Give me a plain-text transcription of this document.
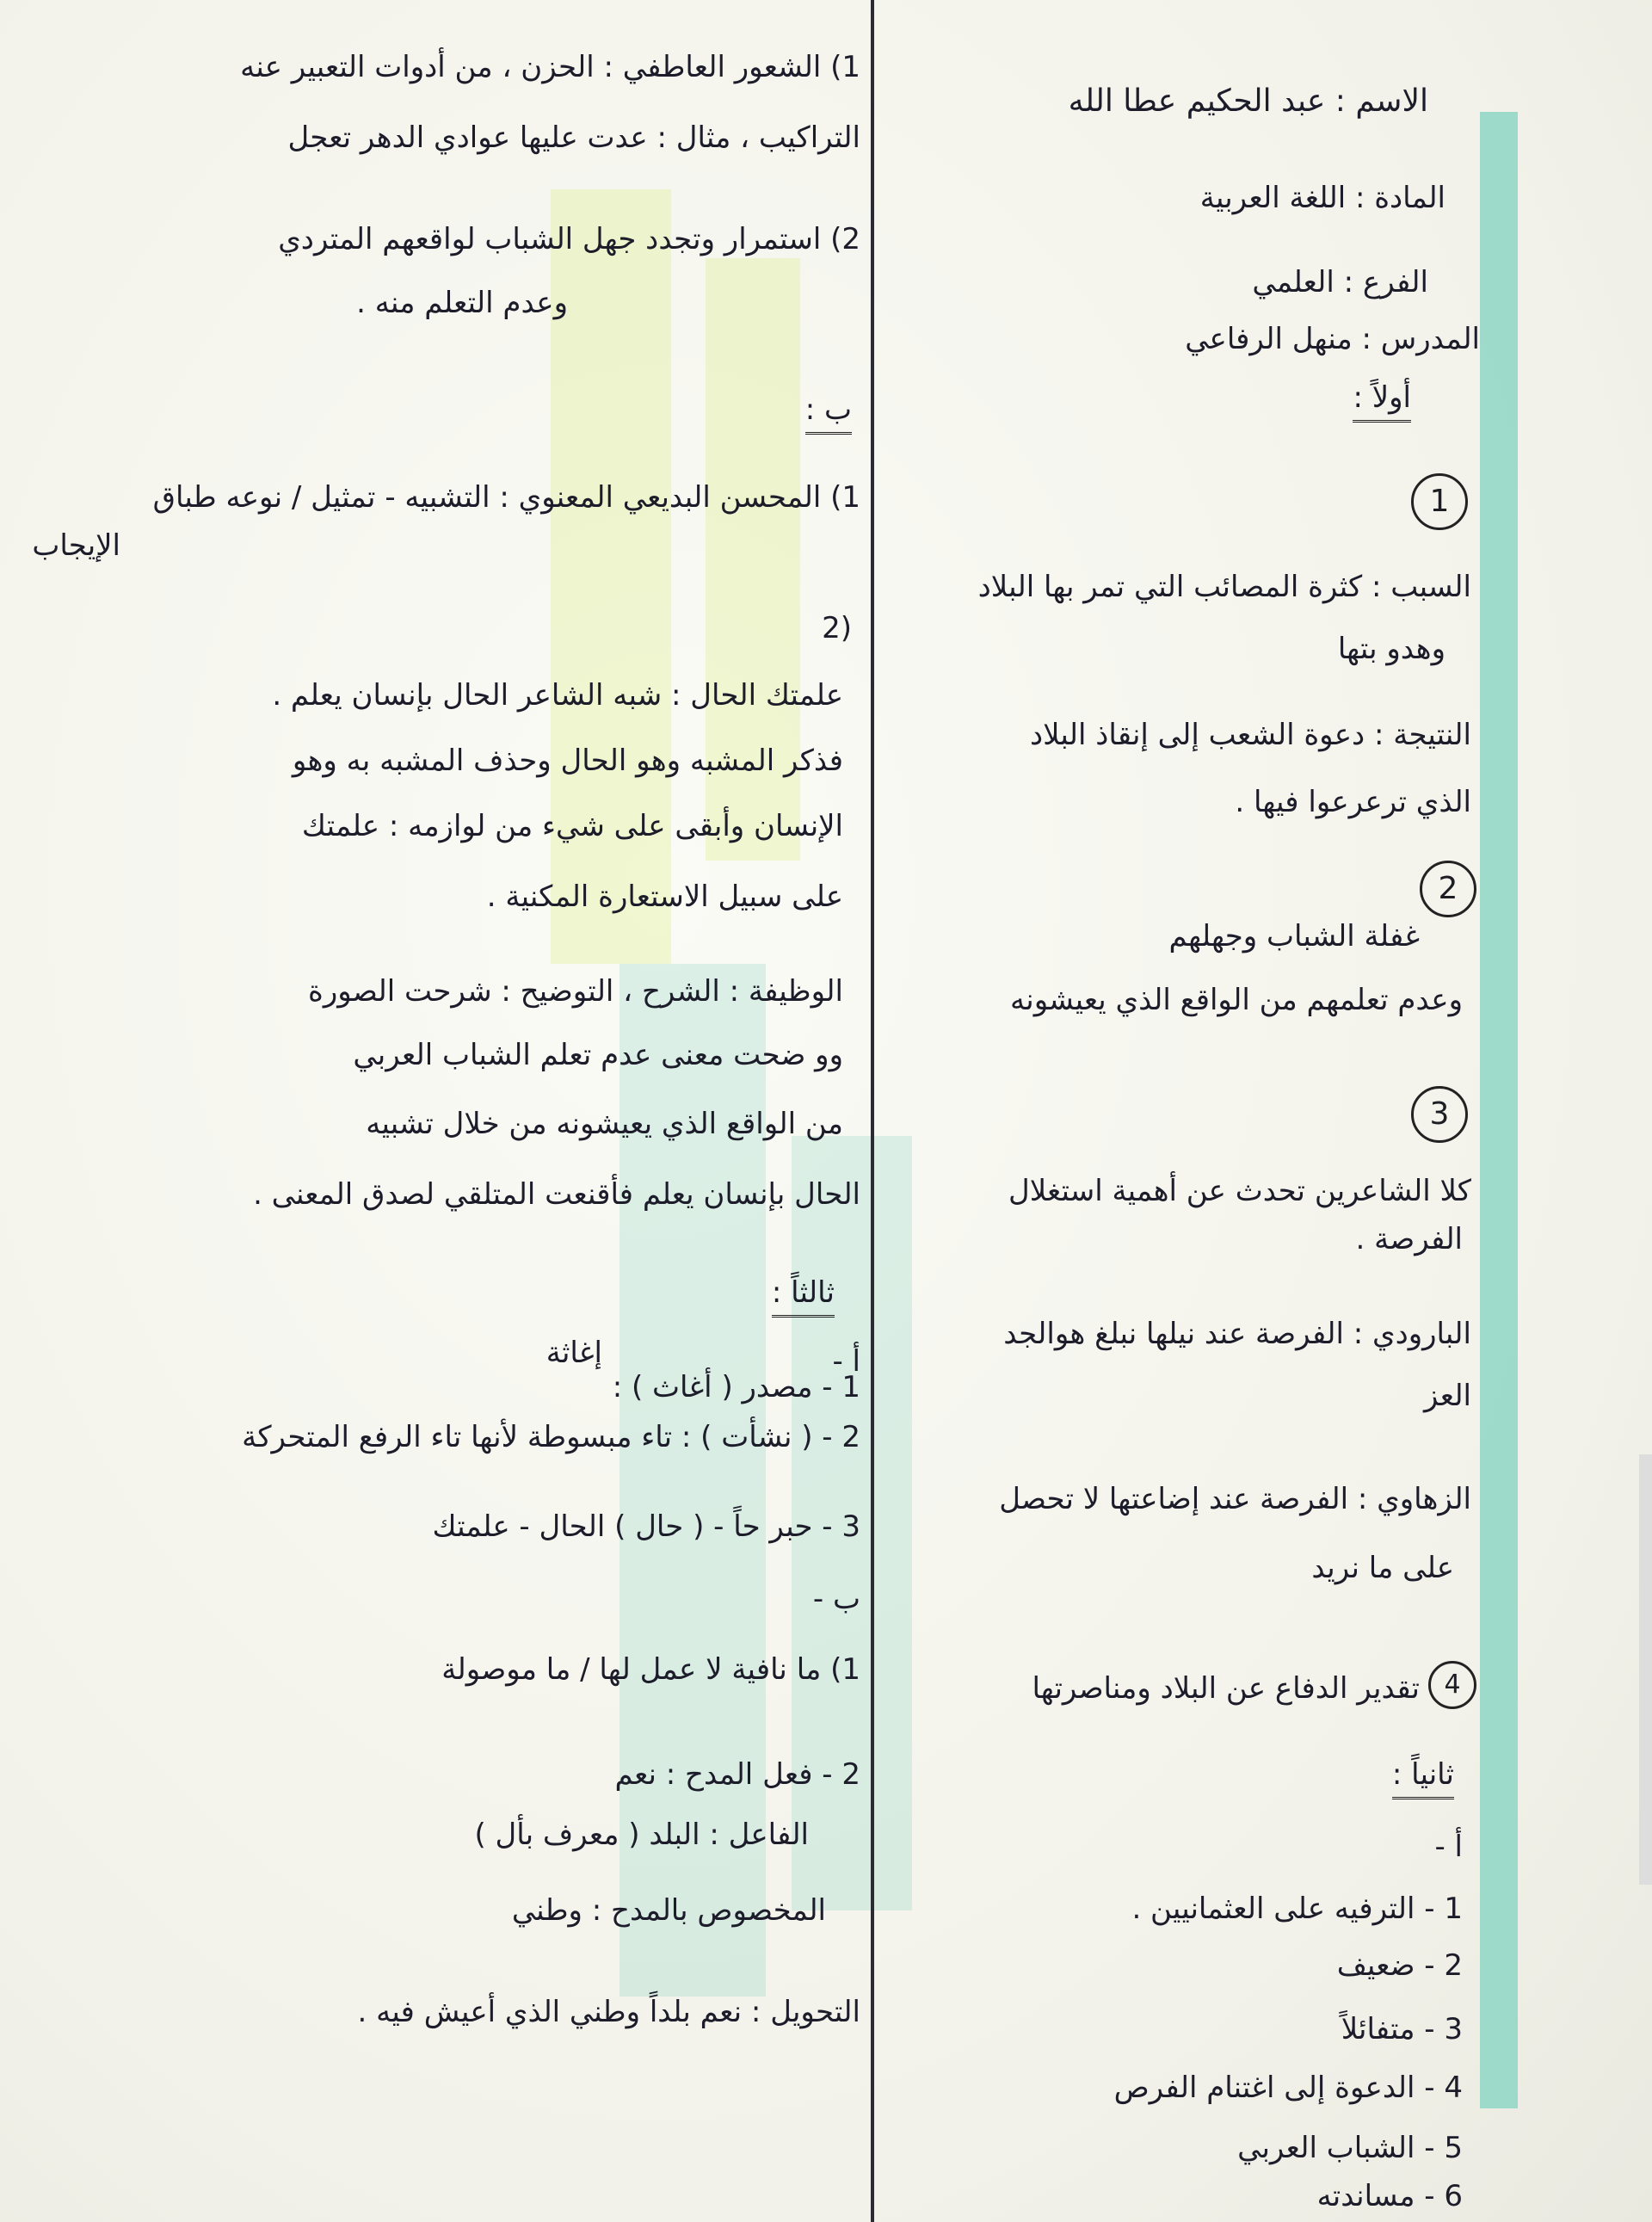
الاسم : عبد الحكيم عطا الله
المادة : اللغة العربية
الفرع : العلمي
المدرس : منهل الرفاعي
أولاً :
1
السبب : كثرة المصائب التي تمر بها البلاد
وهدو بتها
النتيجة : دعوة الشعب إلى إنقاذ البلاد
الذي ترعرعوا فيها .
2
غفلة الشباب وجهلهم
وعدم تعلمهم من الواقع الذي يعيشونه
3
كلا الشاعرين تحدث عن أهمية استغلال
الفرصة .
البارودي : الفرصة عند نيلها نبلغ هوالجد
العز
الزهاوي : الفرصة عند إضاعتها لا تحصل
على ما نريد
4
تقدير الدفاع عن البلاد ومناصرتها
ثانياً :
أ -
1 - الترفيه على العثمانيين .
2 - ضعيف
3 - متفائلاً
4 - الدعوة إلى اغتنام الفرص
5 - الشباب العربي
6 - مساندته
1) الشعور العاطفي : الحزن ، من أدوات التعبير عنه
التراكيب ، مثال : عدت عليها عوادي الدهر تعجل
2) استمرار وتجدد جهل الشباب لواقعهم المتردي
وعدم التعلم منه .
ب :
1) المحسن البديعي المعنوي : التشبيه - تمثيل / نوعه طباق
الإيجاب
2)
علمتك الحال : شبه الشاعر الحال بإنسان يعلم .
فذكر المشبه وهو الحال وحذف المشبه به وهو
الإنسان وأبقى على شيء من لوازمه : علمتك
على سبيل الاستعارة المكنية .
الوظيفة : الشرح ، التوضيح : شرحت الصورة
وو ضحت معنى عدم تعلم الشباب العربي
من الواقع الذي يعيشونه من خلال تشبيه
الحال بإنسان يعلم فأقنعت المتلقي لصدق المعنى .
ثالثاً :
أ -
إغاثة
1 - مصدر ( أغاث ) :
2 - ( نشأت ) : تاء مبسوطة لأنها تاء الرفع المتحركة
3 - حبر حاً - ( حال ) الحال - علمتك
ب -
1) ما نافية لا عمل لها / ما موصولة
2 - فعل المدح : نعم
الفاعل : البلد ( معرف بأل )
المخصوص بالمدح : وطني
التحويل : نعم بلداً وطني الذي أعيش فيه .
